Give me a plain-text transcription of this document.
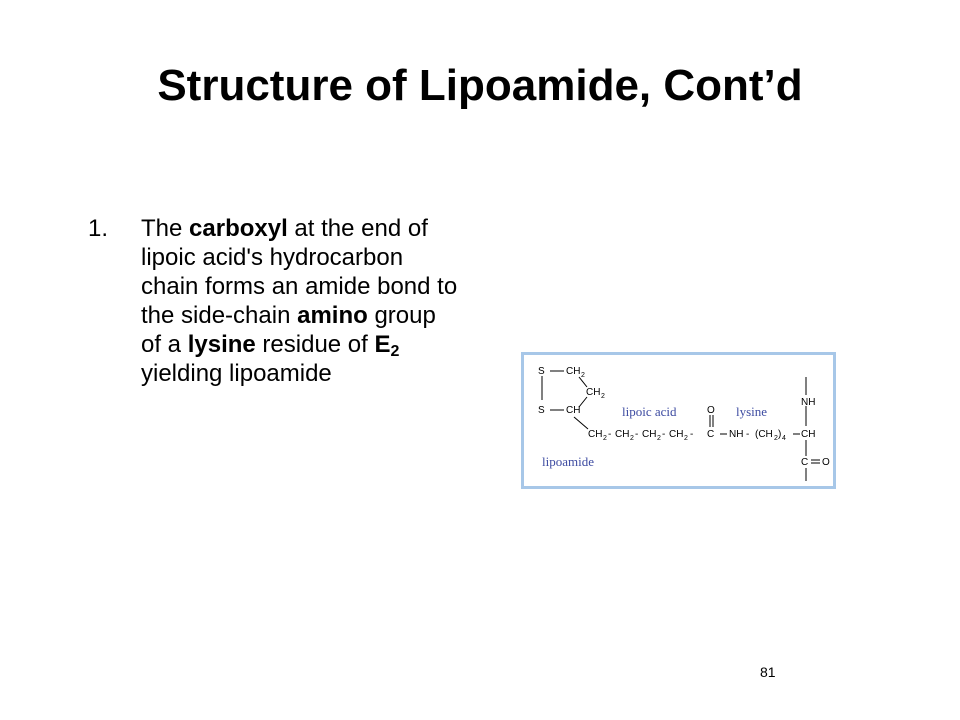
Structure of Lipoamide, Cont’d
1. The carboxyl at the end of lipoic acid's hydrocarbon chain forms an amide bond to the side-chain amino group of a lysine residue of $E_2$ yielding lipoamide	S CH 2
CH 2
S CH
CH 2 - CH 2 - CH 2 - CH 2 -
O
C NH - (CH 2 ) 4 CH
NH
C O
lipoic acid	lysine
lipoamide
81
